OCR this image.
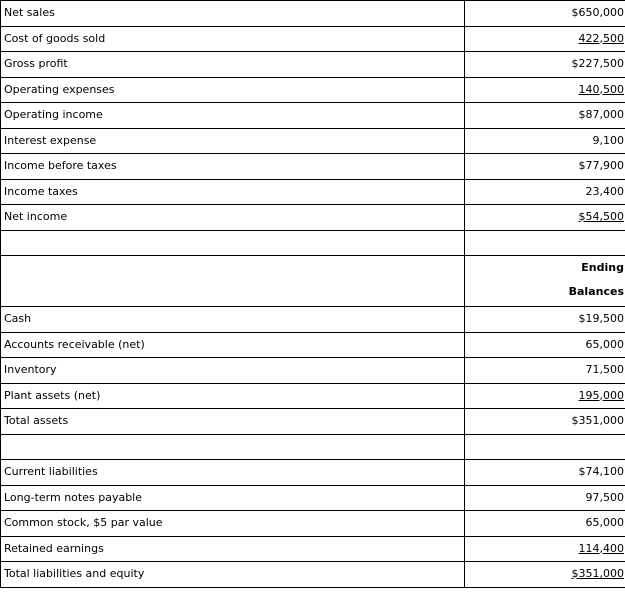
Net sales	$650,000
Cost of goods sold	422,500
Gross profit	$227,500
Operating expenses	140,500
Operating income	$87,000
Interest expense	9,100
Income before taxes	$77,900
Income taxes	23,400
Net income	$54,500

	Ending
Balances

Cash	$19,500
Accounts receivable (net)	65,000
Inventory	71,500
Plant assets (net)	195,000
Total assets	$351,000

Current liabilities	$74,100
Long-term notes payable	97,500
Common stock, $5 par value	65,000
Retained earnings	114,400
Total liabilities and equity	$351,000
